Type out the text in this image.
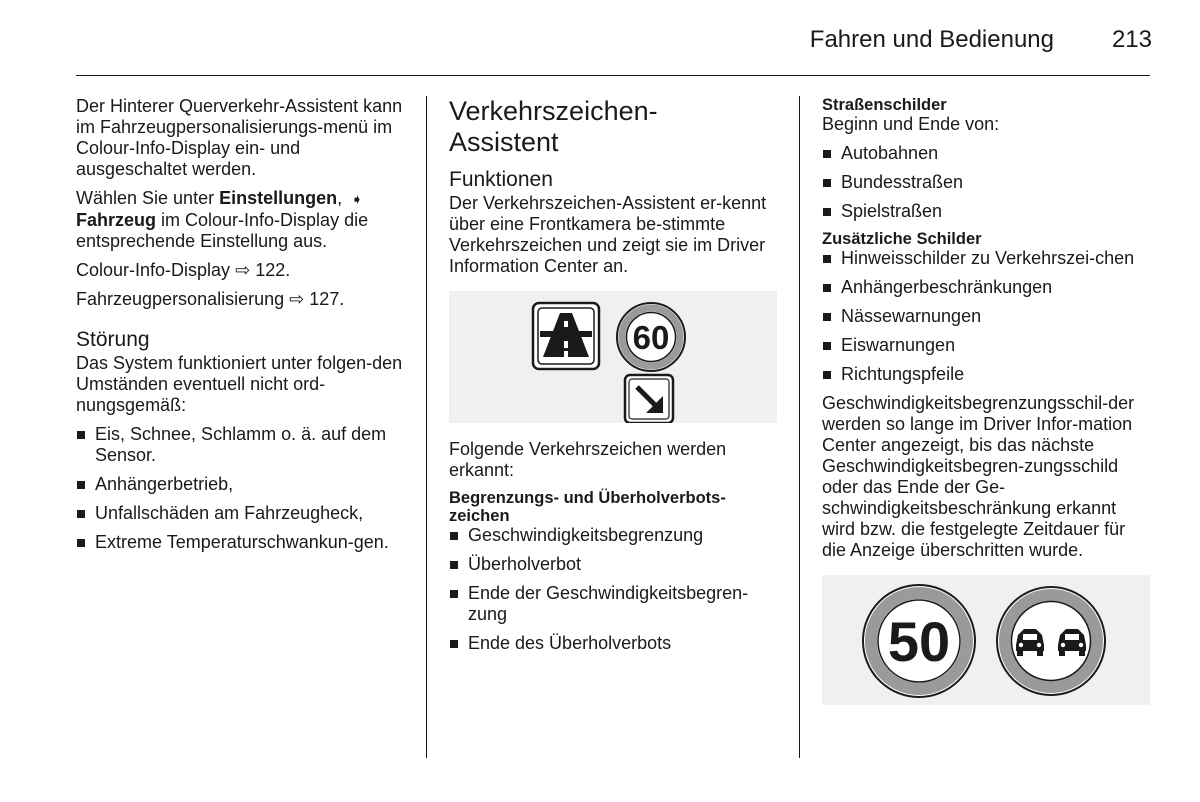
Fahren und Bedienung	213

Der Hinterer Querverkehr-Assistent kann im Fahrzeugpersonalisierungs-menü im Colour-Info-Display ein- und ausgeschaltet werden.

Wählen Sie unter Einstellungen, ➧Fahrzeug im Colour-Info-Display die entsprechende Einstellung aus.

Colour-Info-Display ⇨ 122.

Fahrzeugpersonalisierung ⇨ 127.

Störung

Das System funktioniert unter folgen-den Umständen eventuell nicht ord-nungsgemäß:

Eis, Schnee, Schlamm o. ä. auf dem Sensor.
Anhängerbetrieb,
Unfallschäden am Fahrzeugheck,
Extreme Temperaturschwankun-gen.
Verkehrszeichen-Assistent
Funktionen

Der Verkehrszeichen-Assistent er-kennt über eine Frontkamera be-stimmte Verkehrszeichen und zeigt sie im Driver Information Center an.

60

Folgende Verkehrszeichen werden erkannt:

Begrenzungs- und Überholverbots-zeichen
Geschwindigkeitsbegrenzung
Überholverbot
Ende der Geschwindigkeitsbegren-zung
Ende des Überholverbots
Straßenschilder

Beginn und Ende von:

Autobahnen
Bundesstraßen
Spielstraßen
Zusätzliche Schilder
Hinweisschilder zu Verkehrszei-chen
Anhängerbeschränkungen
Nässewarnungen
Eiswarnungen
Richtungspfeile

Geschwindigkeitsbegrenzungsschil-der werden so lange im Driver Infor-mation Center angezeigt, bis das nächste Geschwindigkeitsbegren-zungsschild oder das Ende der Ge-schwindigkeitsbeschränkung erkannt wird bzw. die festgelegte Zeitdauer für die Anzeige überschritten wurde.

50
